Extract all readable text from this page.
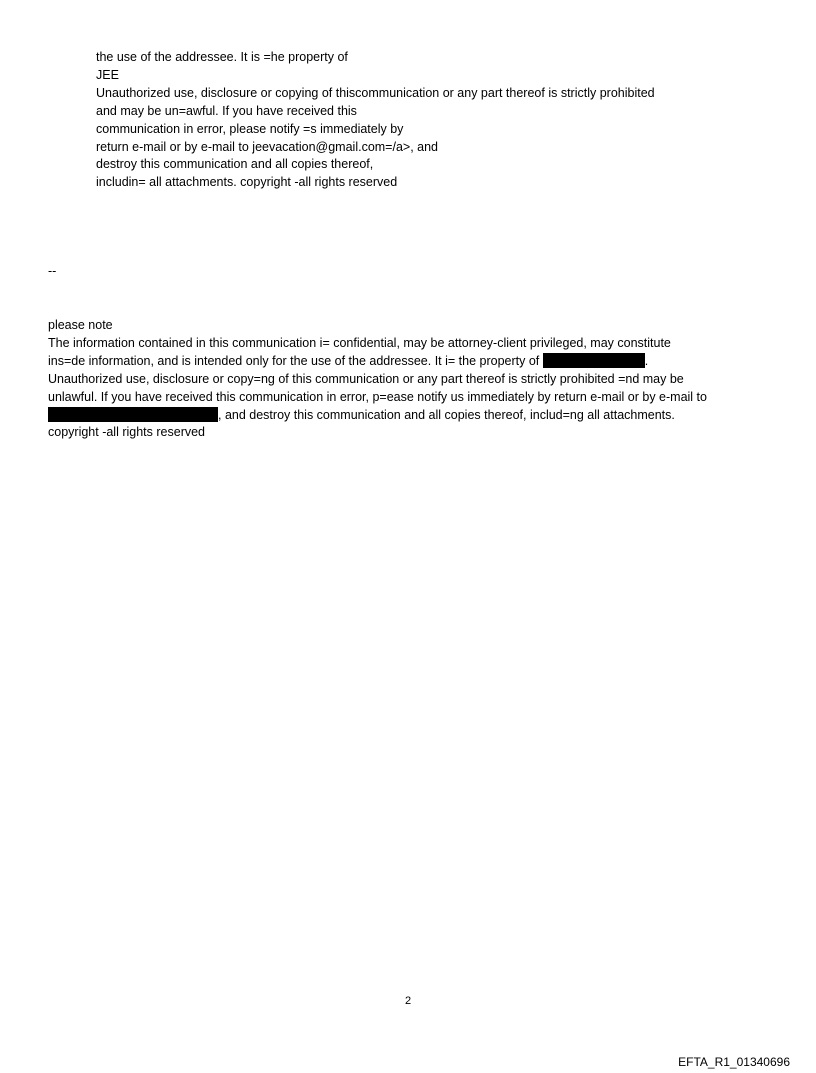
the use of the addressee. It is =he property of
JEE
Unauthorized use, disclosure or copying of thiscommunication or any part thereof is strictly prohibited
and may be un=awful. If you have received this
communication in error, please notify =s immediately by
return e-mail or by e-mail to jeevacation@gmail.com=/a>, and
destroy this communication and all copies thereof,
includin= all attachments. copyright -all rights reserved
--
please note
The information contained in this communication i= confidential, may be attorney-client privileged, may constitute
ins=de information, and is intended only for the use of the addressee. It i= the property of	.
Unauthorized use, disclosure or copy=ng of this communication or any part thereof is strictly prohibited =nd may be
unlawful. If you have received this communication in error, p=ease notify us immediately by return e-mail or by e-mail to
, and destroy this communication and all copies thereof, includ=ng all attachments.
copyright -all rights reserved
2
EFTA_R1_01340696
